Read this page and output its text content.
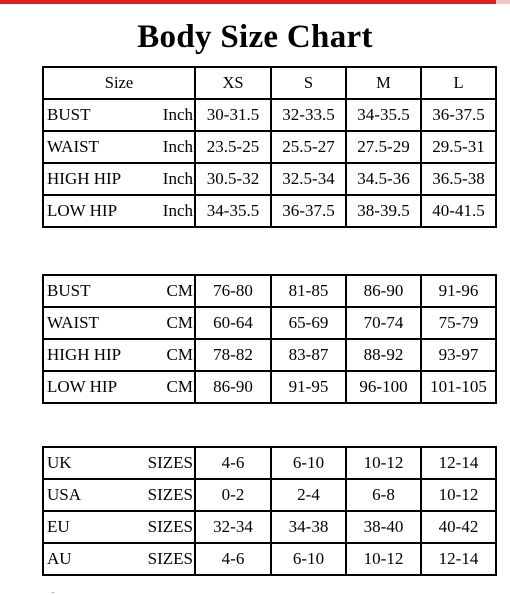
Body Size Chart
Size	XS	S	M	L

BUST Inch	30-31.5	32-33.5	34-35.5	36-37.5

WAIST Inch	23.5-25	25.5-27	27.5-29	29.5-31

HIGH HIP Inch	30.5-32	32.5-34	34.5-36	36.5-38

LOW HIP Inch	34-35.5	36-37.5	38-39.5	40-41.5
BUST CM	76-80	81-85	86-90	91-96

WAIST CM	60-64	65-69	70-74	75-79

HIGH HIP CM	78-82	83-87	88-92	93-97

LOW HIP CM	86-90	91-95	96-100	101-105
UK SIZES	4-6	6-10	10-12	12-14

USA SIZES	0-2	2-4	6-8	10-12

EU SIZES	32-34	34-38	38-40	40-42

AU SIZES	4-6	6-10	10-12	12-14
